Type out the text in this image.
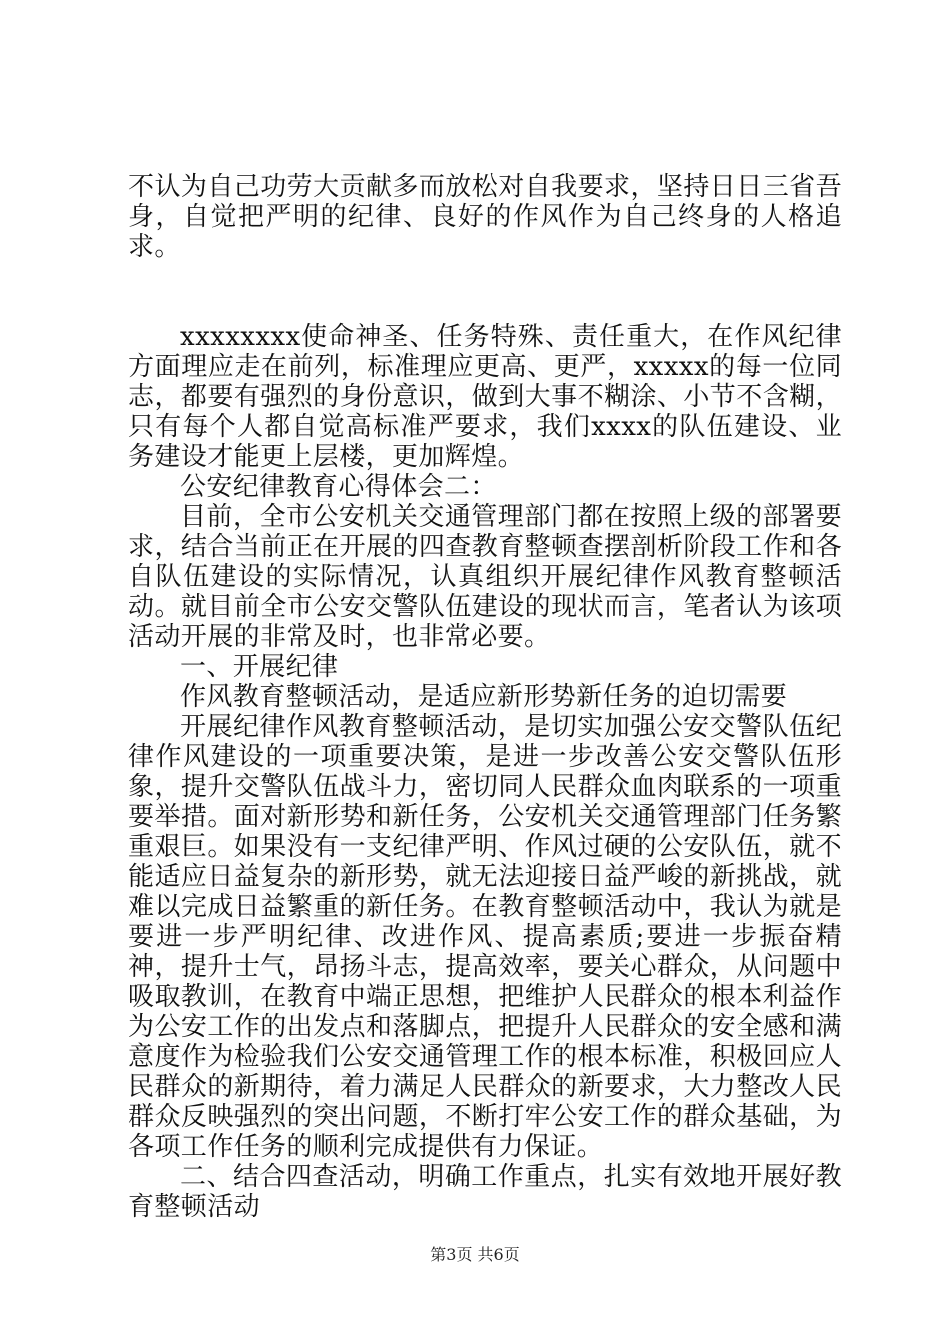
不认为自己功劳大贡献多而放松对自我要求，坚持日日三省吾身，自觉把严明的纪律、良好的作风作为自己终身的人格追求。

xxxxxxxx使命神圣、任务特殊、责任重大，在作风纪律方面理应走在前列，标准理应更高、更严，xxxxx的每一位同志，都要有强烈的身份意识，做到大事不糊涂、小节不含糊，只有每个人都自觉高标准严要求，我们xxxx的队伍建设、业务建设才能更上层楼，更加辉煌。

公安纪律教育心得体会二：

目前，全市公安机关交通管理部门都在按照上级的部署要求，结合当前正在开展的四查教育整顿查摆剖析阶段工作和各自队伍建设的实际情况，认真组织开展纪律作风教育整顿活动。就目前全市公安交警队伍建设的现状而言，笔者认为该项活动开展的非常及时，也非常必要。

一、开展纪律

作风教育整顿活动，是适应新形势新任务的迫切需要

开展纪律作风教育整顿活动，是切实加强公安交警队伍纪律作风建设的一项重要决策，是进一步改善公安交警队伍形象，提升交警队伍战斗力，密切同人民群众血肉联系的一项重要举措。面对新形势和新任务，公安机关交通管理部门任务繁重艰巨。如果没有一支纪律严明、作风过硬的公安队伍，就不能适应日益复杂的新形势，就无法迎接日益严峻的新挑战，就难以完成日益繁重的新任务。在教育整顿活动中，我认为就是要进一步严明纪律、改进作风、提高素质;要进一步振奋精神，提升士气，昂扬斗志，提高效率，要关心群众，从问题中吸取教训，在教育中端正思想，把维护人民群众的根本利益作为公安工作的出发点和落脚点，把提升人民群众的安全感和满意度作为检验我们公安交通管理工作的根本标准，积极回应人民群众的新期待，着力满足人民群众的新要求，大力整改人民群众反映强烈的突出问题，不断打牢公安工作的群众基础，为各项工作任务的顺利完成提供有力保证。

二、结合四查活动，明确工作重点，扎实有效地开展好教育整顿活动

第3页 共6页
